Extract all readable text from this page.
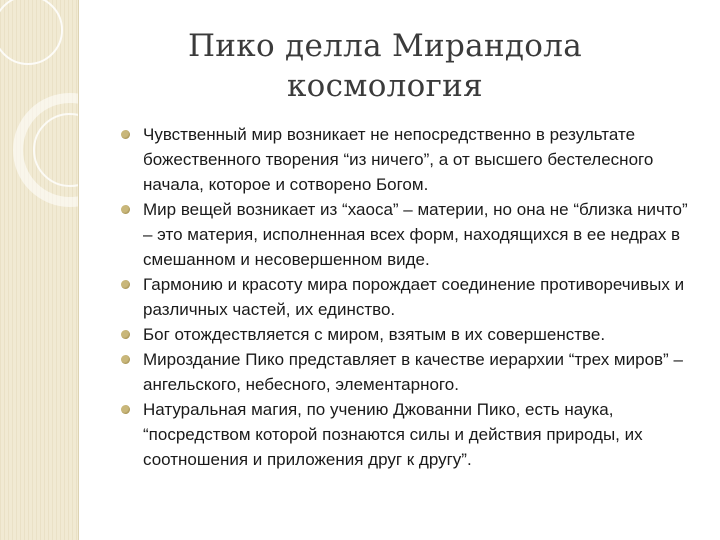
Пико делла Мирандола
космология
Чувственный мир возникает не непосредственно в результате божественного творения “из ничего”, а от высшего бестелесного начала, которое и сотворено Богом.
Мир вещей возникает из “хаоса” – материи, но она не “близка ничто” – это материя, исполненная всех форм, находящихся в ее недрах в смешанном и несовершенном виде.
Гармонию и красоту мира порождает соединение противоречивых и различных частей, их единство.
Бог отождествляется с миром, взятым в их совершенстве.
Мироздание Пико представляет в качестве иерархии “трех миров” – ангельского, небесного, элементарного.
Натуральная магия, по учению Джованни Пико, есть наука, “посредством которой познаются силы и действия природы, их соотношения и приложения друг к другу”.
